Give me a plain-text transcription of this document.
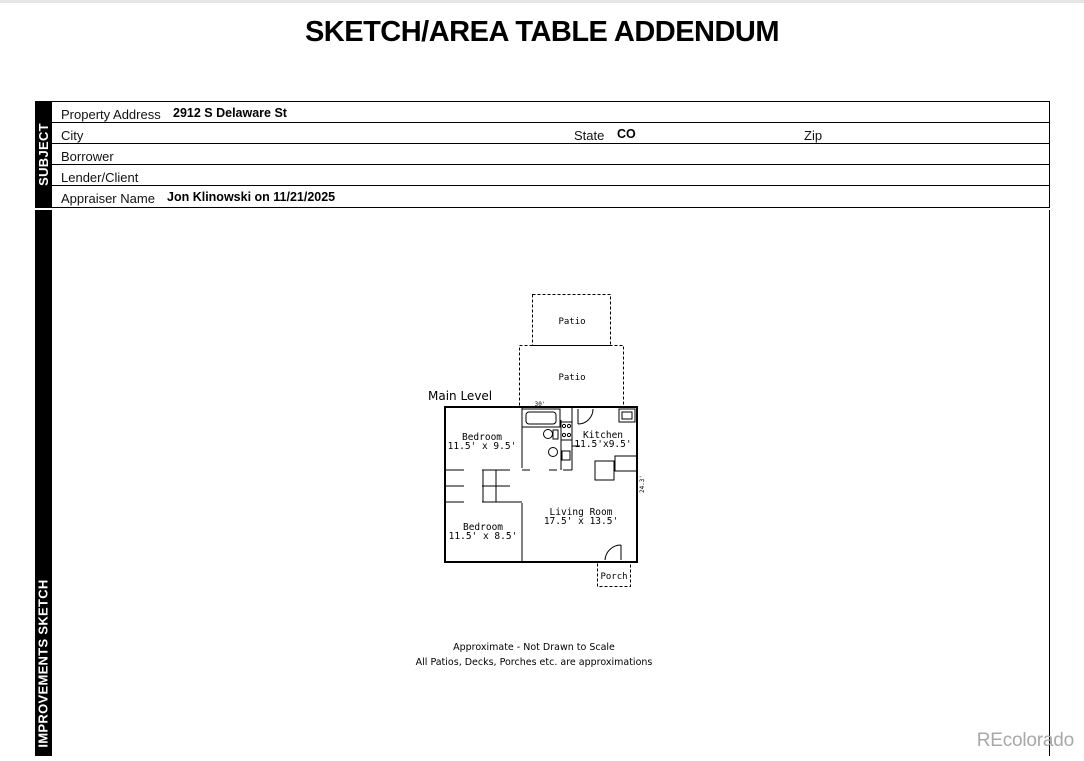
SKETCH/AREA TABLE ADDENDUM
SUBJECT
Property Address 2912 S Delaware St
City	State CO	Zip
Borrower
Lender/Client
Appraiser Name Jon Klinowski on 11/21/2025
IMPROVEMENTS SKETCH
Patio
Patio
Main Level
30'
24.3'
Porch
Bedroom
11.5' x 9.5'
Kitchen
11.5'x9.5'
Living Room
17.5' x 13.5'
Bedroom
11.5' x 8.5'
Approximate - Not Drawn to Scale
All Patios, Decks, Porches etc. are approximations
REcolorado
